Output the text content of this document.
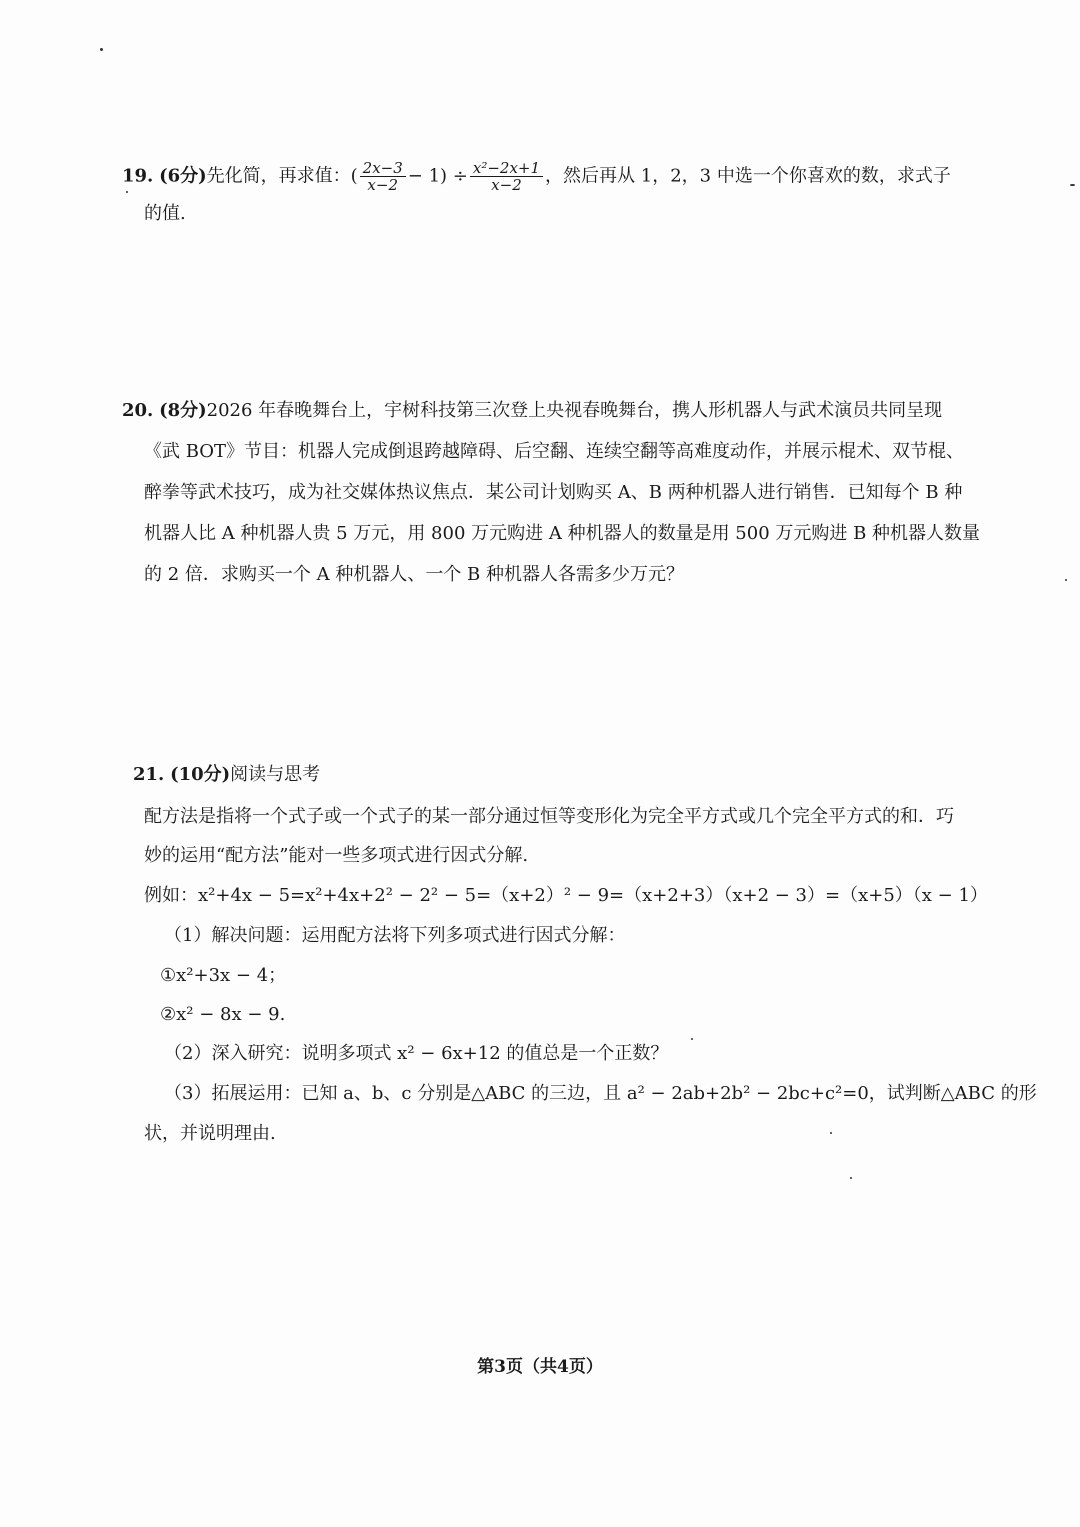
19. (6分)先化简，再求值：( $\frac{2x-3}{x-2} - 1) \div \frac{\text{x²−2x+1}}{x-2}$ ，然后再从 1，2，3 中选一个你喜欢的数，求式子
的值.
20. (8分)2026 年春晚舞台上，宇树科技第三次登上央视春晚舞台，携人形机器人与武术演员共同呈现
《武 BOT》节目：机器人完成倒退跨越障碍、后空翻、连续空翻等高难度动作，并展示棍术、双节棍、
醉拳等武术技巧，成为社交媒体热议焦点．某公司计划购买 A、B 两种机器人进行销售．已知每个 B 种
机器人比 A 种机器人贵 5 万元，用 800 万元购进 A 种机器人的数量是用 500 万元购进 B 种机器人数量
的 2 倍．求购买一个 A 种机器人、一个 B 种机器人各需多少万元？
21. (10分)阅读与思考
配方法是指将一个式子或一个式子的某一部分通过恒等变形化为完全平方式或几个完全平方式的和．巧
妙的运用“配方法”能对一些多项式进行因式分解.
例如：x²+4x − 5=x²+4x+2² − 2² − 5=（x+2）² − 9=（x+2+3）（x+2 − 3）=（x+5）（x − 1）
（1）解决问题：运用配方法将下列多项式进行因式分解：
①x²+3x − 4；
②x² − 8x − 9.
（2）深入研究：说明多项式 x² − 6x+12 的值总是一个正数？
（3）拓展运用：已知 a、b、c 分别是△ABC 的三边，且 a² − 2ab+2b² − 2bc+c²=0，试判断△ABC 的形
状，并说明理由.
第3页（共4页）
